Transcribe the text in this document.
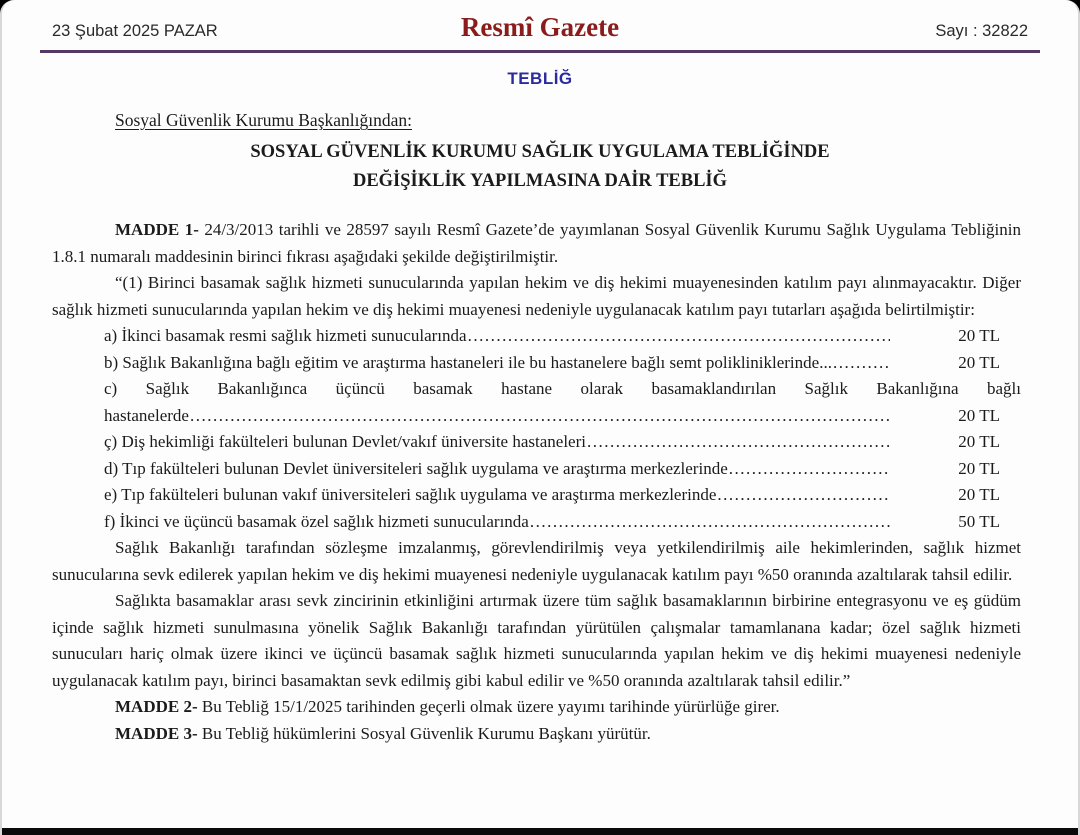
23 Şubat 2025 PAZAR	Resmî Gazete	Sayı : 32822
TEBLİĞ
Sosyal Güvenlik Kurumu Başkanlığından:
SOSYAL GÜVENLİK KURUMU SAĞLIK UYGULAMA TEBLİĞİNDE
DEĞİŞİKLİK YAPILMASINA DAİR TEBLİĞ

MADDE 1- 24/3/2013 tarihli ve 28597 sayılı Resmî Gazete’de yayımlanan Sosyal Güvenlik Kurumu Sağlık Uygulama Tebliğinin 1.8.1 numaralı maddesinin birinci fıkrası aşağıdaki şekilde değiştirilmiştir.

“(1) Birinci basamak sağlık hizmeti sunucularında yapılan hekim ve diş hekimi muayenesinden katılım payı alınmayacaktır. Diğer sağlık hizmeti sunucularında yapılan hekim ve diş hekimi muayenesi nedeniyle uygulanacak katılım payı tutarları aşağıda belirtilmiştir:

a) İkinci basamak resmi sağlık hizmeti sunucularında .....	20 TL
b) Sağlık Bakanlığına bağlı eğitim ve araştırma hastaneleri ile bu hastanelere bağlı semt polikliniklerinde... .....	20 TL
c) Sağlık Bakanlığınca üçüncü basamak hastane olarak basamaklandırılan Sağlık Bakanlığına bağlı
hastanelerde .....	20 TL
ç) Diş hekimliği fakülteleri bulunan Devlet/vakıf üniversite hastaneleri .....	20 TL
d) Tıp fakülteleri bulunan Devlet üniversiteleri sağlık uygulama ve araştırma merkezlerinde .....	20 TL
e) Tıp fakülteleri bulunan vakıf üniversiteleri sağlık uygulama ve araştırma merkezlerinde .....	20 TL
f) İkinci ve üçüncü basamak özel sağlık hizmeti sunucularında .....	50 TL

Sağlık Bakanlığı tarafından sözleşme imzalanmış, görevlendirilmiş veya yetkilendirilmiş aile hekimlerinden, sağlık hizmet sunucularına sevk edilerek yapılan hekim ve diş hekimi muayenesi nedeniyle uygulanacak katılım payı %50 oranında azaltılarak tahsil edilir.

Sağlıkta basamaklar arası sevk zincirinin etkinliğini artırmak üzere tüm sağlık basamaklarının birbirine entegrasyonu ve eş güdüm içinde sağlık hizmeti sunulmasına yönelik Sağlık Bakanlığı tarafından yürütülen çalışmalar tamamlanana kadar; özel sağlık hizmeti sunucuları hariç olmak üzere ikinci ve üçüncü basamak sağlık hizmeti sunucularında yapılan hekim ve diş hekimi muayenesi nedeniyle uygulanacak katılım payı, birinci basamaktan sevk edilmiş gibi kabul edilir ve %50 oranında azaltılarak tahsil edilir.”

MADDE 2- Bu Tebliğ 15/1/2025 tarihinden geçerli olmak üzere yayımı tarihinde yürürlüğe girer.

MADDE 3- Bu Tebliğ hükümlerini Sosyal Güvenlik Kurumu Başkanı yürütür.
